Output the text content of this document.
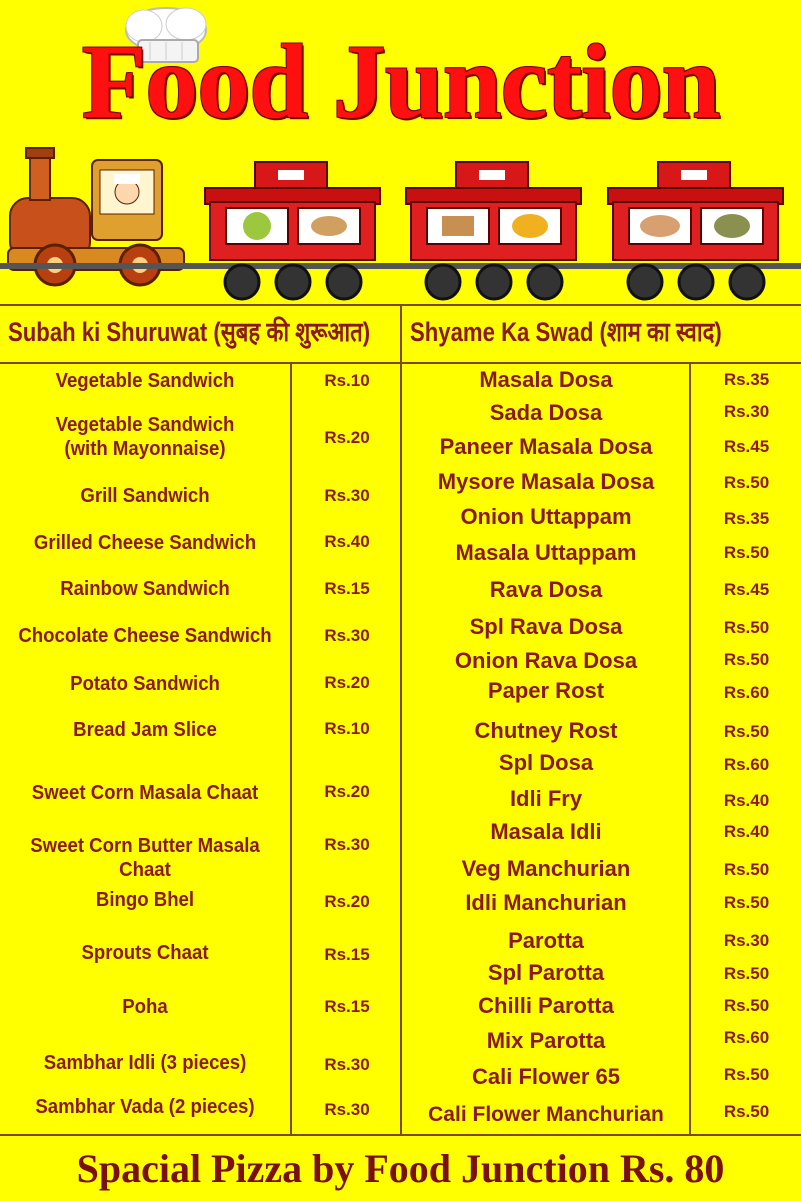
Food Junction
Subah ki Shuruwat (सुबह की शुरूआत) Shyame Ka Swad (शाम का स्वाद)
Vegetable Sandwich	Rs.10
Vegetable Sandwich
(with Mayonnaise)
Rs.20
Grill Sandwich	Rs.30
Grilled Cheese Sandwich	Rs.40
Rainbow Sandwich	Rs.15
Chocolate Cheese Sandwich	Rs.30
Potato Sandwich	Rs.20
Bread Jam Slice	Rs.10
Sweet Corn Masala Chaat	Rs.20
Sweet Corn Butter Masala Chaat
Rs.30
Bingo Bhel	Rs.20
Sprouts Chaat	Rs.15
Poha	Rs.15
Sambhar Idli (3 pieces)	Rs.30
Sambhar Vada (2 pieces)	Rs.30
Masala Dosa	Rs.35
Sada Dosa	Rs.30
Paneer Masala Dosa	Rs.45
Mysore Masala Dosa	Rs.50
Onion Uttappam	Rs.35
Masala Uttappam	Rs.50
Rava Dosa	Rs.45
Spl Rava Dosa	Rs.50
Onion Rava Dosa	Rs.50
Paper Rost	Rs.60
Chutney Rost	Rs.50
Spl Dosa	Rs.60
Idli Fry	Rs.40
Masala Idli	Rs.40
Veg Manchurian	Rs.50
Idli Manchurian	Rs.50
Parotta	Rs.30
Spl Parotta	Rs.50
Chilli Parotta	Rs.50
Mix Parotta	Rs.60
Cali Flower 65	Rs.50
Cali Flower Manchurian	Rs.50
Spacial Pizza by Food Junction Rs. 80
